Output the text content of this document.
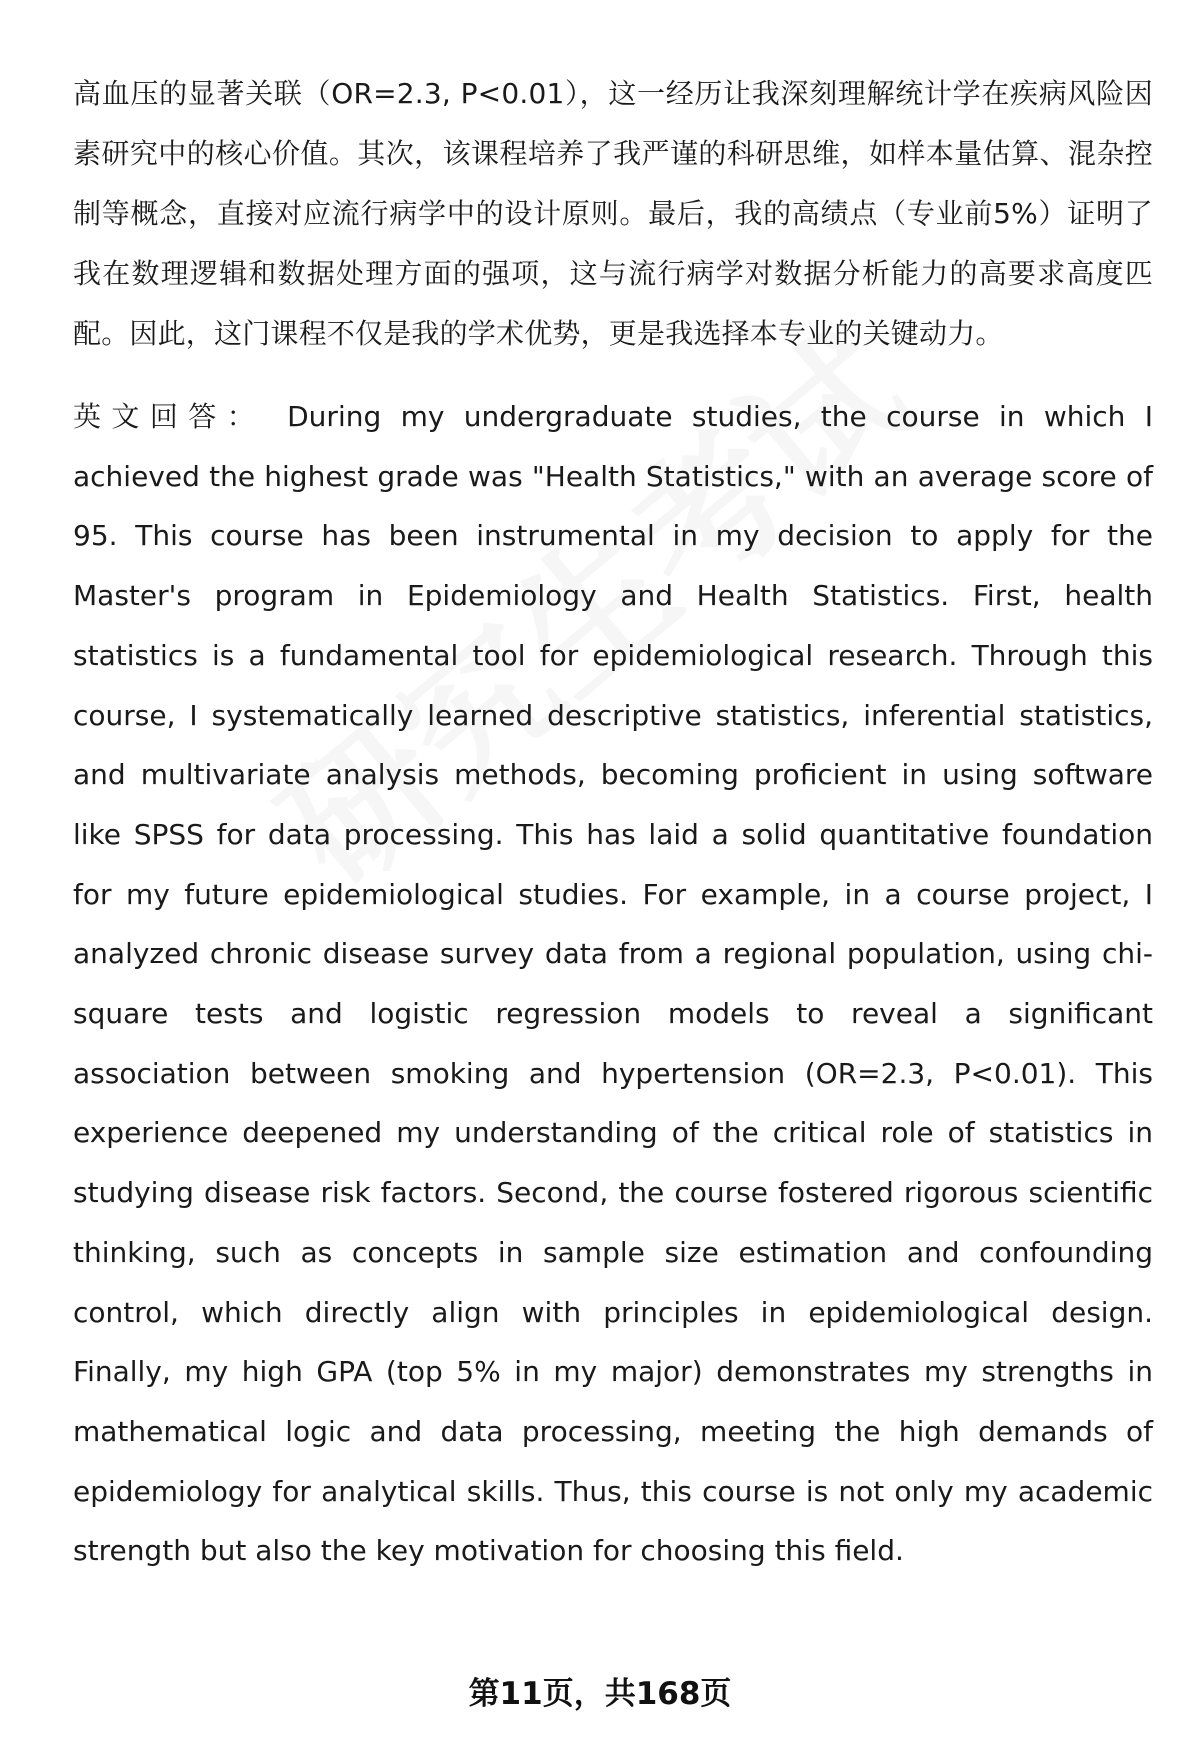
高血压的显著关联（OR=2.3, P<0.01），这一经历让我深刻理解统计学在疾病风险因素研究中的核心价值。其次，该课程培养了我严谨的科研思维，如样本量估算、混杂控制等概念，直接对应流行病学中的设计原则。最后，我的高绩点（专业前5%）证明了我在数理逻辑和数据处理方面的强项，这与流行病学对数据分析能力的高要求高度匹配。因此，这门课程不仅是我的学术优势，更是我选择本专业的关键动力。

英文回答： During my undergraduate studies, the course in which I achieved the highest grade was "Health Statistics," with an average score of 95. This course has been instrumental in my decision to apply for the Master's program in Epidemiology and Health Statistics. First, health statistics is a fundamental tool for epidemiological research. Through this course, I systematically learned descriptive statistics, inferential statistics, and multivariate analysis methods, becoming proficient in using software like SPSS for data processing. This has laid a solid quantitative foundation for my future epidemiological studies. For example, in a course project, I analyzed chronic disease survey data from a regional population, using chi-square tests and logistic regression models to reveal a significant association between smoking and hypertension (OR=2.3, P<0.01). This experience deepened my understanding of the critical role of statistics in studying disease risk factors. Second, the course fostered rigorous scientific thinking, such as concepts in sample size estimation and confounding control, which directly align with principles in epidemiological design. Finally, my high GPA (top 5% in my major) demonstrates my strengths in mathematical logic and data processing, meeting the high demands of epidemiology for analytical skills. Thus, this course is not only my academic strength but also the key motivation for choosing this field.

第11页，共168页
